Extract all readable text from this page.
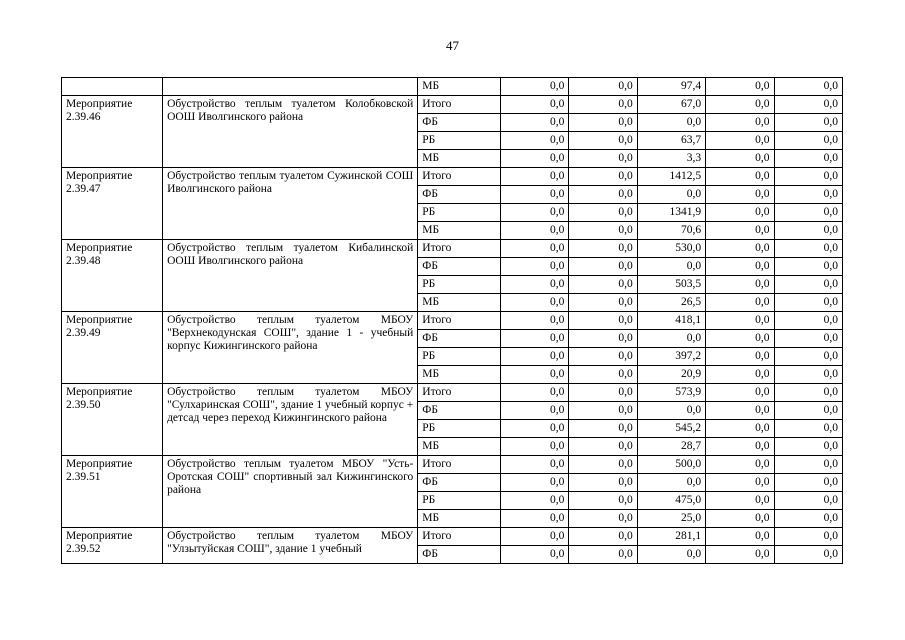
47
		МБ	0,0	0,0	97,4	0,0	0,0

Мероприятие
2.39.46	Обустройство теплым туалетом Колобковской ООШ Иволгинского района	Итого	0,0	0,0	67,0	0,0	0,0
		ФБ	0,0	0,0	0,0	0,0	0,0
		РБ	0,0	0,0	63,7	0,0	0,0
		МБ	0,0	0,0	3,3	0,0	0,0

Мероприятие
2.39.47	Обустройство теплым туалетом Сужинской СОШ Иволгинского района	Итого	0,0	0,0	1412,5	0,0	0,0
		ФБ	0,0	0,0	0,0	0,0	0,0
		РБ	0,0	0,0	1341,9	0,0	0,0
		МБ	0,0	0,0	70,6	0,0	0,0

Мероприятие
2.39.48	Обустройство теплым туалетом Кибалинской ООШ Иволгинского района	Итого	0,0	0,0	530,0	0,0	0,0
		ФБ	0,0	0,0	0,0	0,0	0,0
		РБ	0,0	0,0	503,5	0,0	0,0
		МБ	0,0	0,0	26,5	0,0	0,0

Мероприятие
2.39.49	Обустройство теплым туалетом МБОУ "Верхнекодунская СОШ", здание 1 - учебный корпус Кижингинского района	Итого	0,0	0,0	418,1	0,0	0,0
		ФБ	0,0	0,0	0,0	0,0	0,0
		РБ	0,0	0,0	397,2	0,0	0,0
		МБ	0,0	0,0	20,9	0,0	0,0

Мероприятие
2.39.50	Обустройство теплым туалетом МБОУ "Сулхаринская СОШ", здание 1 учебный корпус + детсад через переход Кижингинского района	Итого	0,0	0,0	573,9	0,0	0,0
		ФБ	0,0	0,0	0,0	0,0	0,0
		РБ	0,0	0,0	545,2	0,0	0,0
		МБ	0,0	0,0	28,7	0,0	0,0

Мероприятие
2.39.51	Обустройство теплым туалетом МБОУ "Усть-Оротская СОШ" спортивный зал Кижингинского района	Итого	0,0	0,0	500,0	0,0	0,0
		ФБ	0,0	0,0	0,0	0,0	0,0
		РБ	0,0	0,0	475,0	0,0	0,0
		МБ	0,0	0,0	25,0	0,0	0,0

Мероприятие
2.39.52	Обустройство теплым туалетом МБОУ "Улзытуйская СОШ", здание 1 учебный	Итого	0,0	0,0	281,1	0,0	0,0
		ФБ	0,0	0,0	0,0	0,0	0,0
